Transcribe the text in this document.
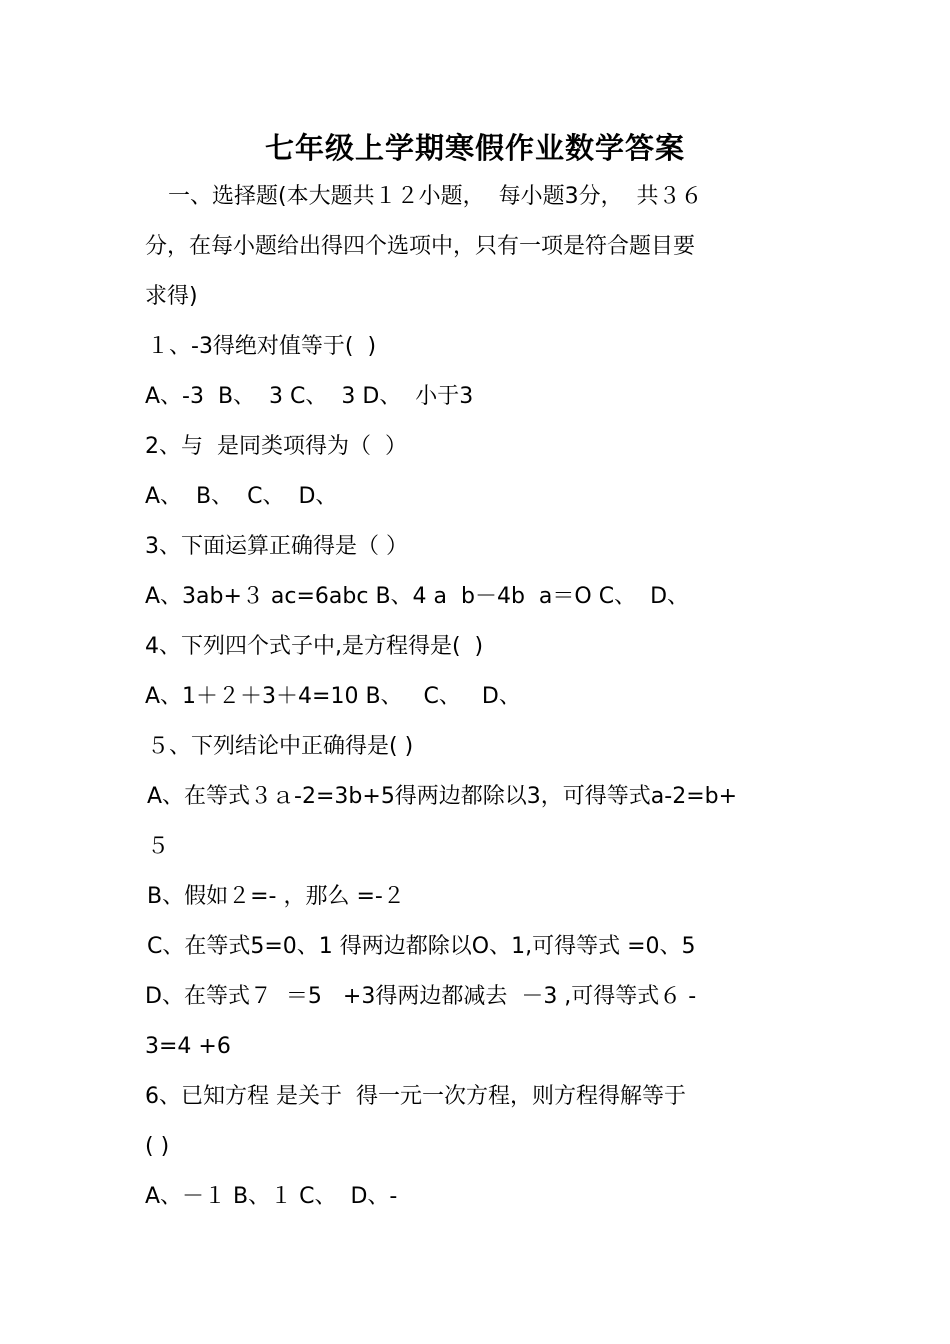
七年级上学期寒假作业数学答案
一、选择题(本大题共１２小题，  每小题3分，  共３６
分，在每小题给出得四个选项中，只有一项是符合题目要
求得)
１、-3得绝对值等于(  )
A、-3  B、  3 C、  3 D、  小于3
2、与  是同类项得为（  ）
A、  B、  C、  D、
3、下面运算正确得是（ ）
A、3ab+３ ac=6abc B、4 a  b－4b  a＝O C、  D、
4、下列四个式子中,是方程得是(  )
A、1＋２＋3＋4=10 B、   C、   D、
５、下列结论中正确得是( )
A、在等式３ａ-2=3b+5得两边都除以3，可得等式a-2=b+
５
B、假如２=- ，那么 =-２
C、在等式5=0、1 得两边都除以O、1,可得等式 =0、5
D、在等式７  ＝5   +3得两边都减去  －3 ,可得等式６ -
3=4 +6
6、已知方程 是关于  得一元一次方程，则方程得解等于
( )
A、－１ B、１ C、  D、-
